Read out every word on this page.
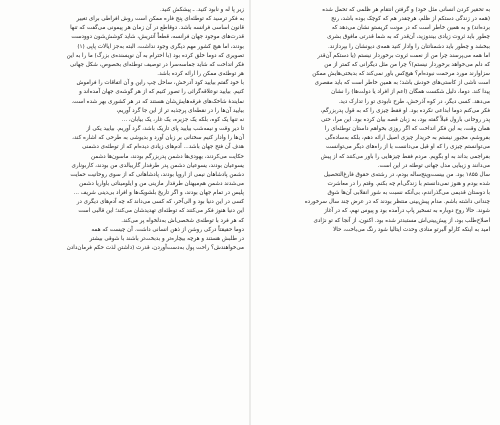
زیر پا له و نابود کنید. ـ پیشکش کنید.

به فکر ترسید که توطئه‌ای پنج فاره ممکن است روش افراطی برای تغییر

قانون اساسی فرانسه باشد. دوقاطع در آن زمان هر پیمونی می‌گفت که تنها

قدرت‌های موجود جهان فرانسه، قطعاً آنتریش، شاید کوشش‌شون دوودست

بودند، اما هیچ کشور مهم دیگری وجود نداشت، البته به‌جز ایالات پاپی (۱)

تصویری که دوما خلق کرده بود (با احترام به آن نویسنده‌ی بزرگ) ما را به این

فکر انداخت که شاید جماسه‌سرا در توصیف توطئه‌ای بخصوص، شکل جهانی

هر توطئه‌ی ممکن را ارائه کرده باشد.

با خود گفتم بیایید کود آدرخش، ساحل چپ راین و آن اتفاقات را فراموش

کنیم. بیایید نوعلاقه‌گرائی را تصور کنیم که از هر گوشه‌ی جهان آمده‌اند و

نمایندهٔ شاخک‌های فرقه‌هایش‌شان هستند که در هر کشوری بهر شده است.

بیایید آن‌ها را در نقطه‌ای پرجذبه‌ تر از این جا گرد آوریم،

نه تنها یک کوه، بلکه یک جزیره، یک غار، یک بیابان، ...

تا دیر وقت و نیمه‌شب بیایید پای تاریک باشد، گرد آوریم. بیایید یکی از

آن‌ها را وادار کنیم سخنانی بر زبان آورد و بدیوشی به طرحی که اشاره کند،

هدف آن فتح جهان باشد... آدم‌های زیادی دیده‌ام که از توطئه‌ی دشمنی

حکایت می‌کردند، یهودی‌ها دشمن پدربزرگم بودند، ماسون‌ها دشمن

یسوعیان بودند، یسوعیان دشمن پدر طرفدار گاریبالدی من بودند، کاربوناری

دشمن پادشاهان نیمی از اروپا بودند، پادشاهانی که از سوی روحانیت حمایت

می‌شدند دشمن هم‌میهنان طرفدار مازینی من و ایلومیناتی باواریا دشمن

پلیس در تمام جهان بودند، و اگر تاریخ بلشویک‌ها و افراد بی‌دینی شریف ...

کسی در این دنیا بود و الی‌آخر، که کسی می‌داند که چه آدم‌های دیگری در

این دنیا هنوز فکر می‌کنند که توطئه‌ای تهدیدشان می‌کند؛ این قالبی است

که هر فرد با توطئه‌ی شخصی‌اش به‌دلخواه پر می‌کند.

دوما حقیقتاً درکی روشن از ذهن انسانی داشت. آن چیست که همه

در طلبش هستند و هرچه بیچاره‌تر و بدبخت‌تر باشند با شوقی بیشتر

می‌خواهندش؟ راحت پول به‌دست‌آوردن، قدرت (داشتن لذت حکم فرمان‌دادن

به تحقیر کردن انسانی مثل خود) و گرفتن انتقام هر ظلمی که تحمل شده

(همه در زندگی دستکم از ظلم، هرچقدر هم که کوچک بوده باشد، رنج

برده‌اند) و به همین خاطر است که در مونت کریستو نشان می‌دهد که

چطور باید ثروت زیادی بیندوزید، آن‌قدر که به شما قدرتی مافوق بشری

ببخشد و چطور باید دشمنانتان را وادار کنید همه‌ی دیونشان را بپردازند.

اما همه می‌پرسند چرا من از نعمت ثروت برخوردار نیستم (یا دستکم آن‌قدر

که دلم می‌خواهد برخوردار نیستم)؟ چرا من مثل دیگرانی که کمتر از من

سزاوارند مورد مرحمت نبوده‌ام؟ هیچ‌کس باور نمی‌کند که بدبختی‌هایش ممکن

است ناشی از کاستی‌های خودش باشد؛ به همین خاطر است که باید مقصری

پیدا کند. دوما، دلیل شکست همگان (اعم از افراد یا دولت‌ها) را نشان

می‌دهد. کسی دیگر، در کوه آذرخش، طرح نابودی تو را تدارک دید.

فکر می‌کنم دوما ابداعی نکرده بود. او فقط چیزی را که به قول پدربزرگم،

پدر روحانی بارول قبلاً گفته بود، به زبان قصه بیان کرده بود. این مرا، حتی

همان وقت، به این فکر انداخت که اگر روزی بخواهم داستان توطئه‌ای را

بفروشم، مجبور نیستم به خریدار چیزی اصیل ارائه دهم، بلکه به‌ساده‌گی

می‌توانستم چیزی را که او قبل می‌دانست یا از راه‌های دیگر می‌توانست

بفراجمی بداند به او بگویم. مردم فقط چیزهایی را باور می‌کنند که از پیش

می‌دانند و زیبایی مدل جهانی توطئه در این است.

سال ۱۸۵۵ بود. من بیست‌وپنج‌ساله بودم، در رشته‌ی حقوق فارغ‌التحصیل

شده بودم و هنوز نمی‌دانستم با زندگی‌ام چه بکنم. وقتم را در معاشرت

با دوستان قدیمی می‌گذراندم، بی‌آنکه نسبت به شور انقلابی آن‌ها شوق

چندانی داشته باشم. مدام پیش‌بینی منتظر بودند که در عرض چند سال سرخورده

شوند. حالا روح دوباره به تسخیر پاپ درآمده بود و پیوس نهم، که در آغاز

اصلاح‌طلب بود، از پیش‌بینی‌اش مستبدتر شده بود. اکنون، از آنجا که تو نژادی

امید به اینکه کارلو آلبرتو منادی وحدت ایتالیا شود رنگ می‌باخت، حالا
